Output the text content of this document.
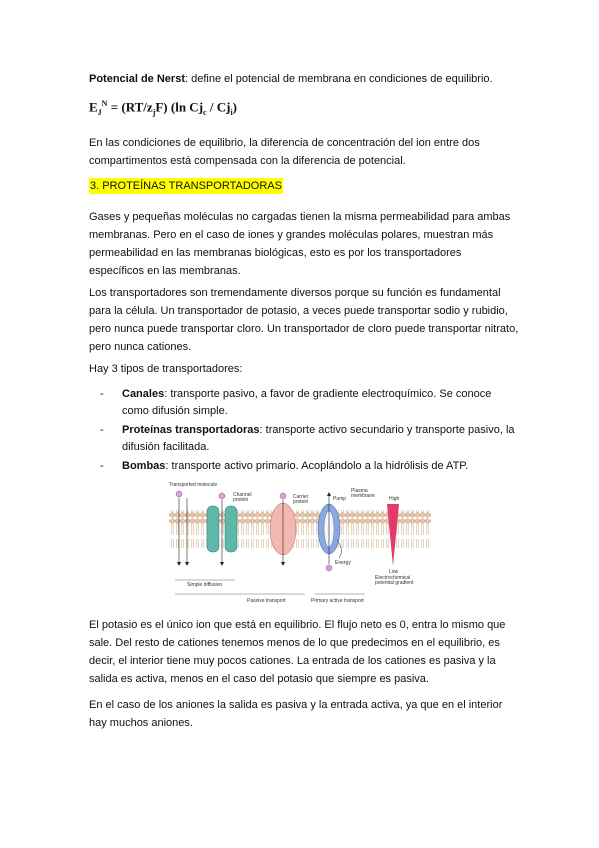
Potencial de Nerst: define el potencial de membrana en condiciones de equilibrio.

$E_J^N = (RT/z_jF)$ (ln $Cj_c / Cj_i$)

En las condiciones de equilibrio, la diferencia de concentración del ion entre dos compartimentos está compensada con la diferencia de potencial.

3. PROTEÍNAS TRANSPORTADORAS

Gases y pequeñas moléculas no cargadas tienen la misma permeabilidad para ambas membranas. Pero en el caso de iones y grandes moléculas polares, muestran más permeabilidad en las membranas biológicas, esto es por los transportadores específicos en las membranas.

Los transportadores son tremendamente diversos porque su función es fundamental para la célula. Un transportador de potasio, a veces puede transportar sodio y rubidio, pero nunca puede transportar cloro. Un transportador de cloro puede transportar nitrato, pero nunca cationes.

Hay 3 tipos de transportadores:

- Canales: transporte pasivo, a favor de gradiente electroquímico. Se conoce como difusión simple.
- Proteínas transportadoras: transporte activo secundario y transporte pasivo, la difusión facilitada.
- Bombas: transporte activo primario. Acoplándolo a la hidrólisis de ATP.
Transported molecule
Channel
protein	Carrier
protein	Pump
Plasma
membrane	High
Low
Energy
Electrochemical
potential gradient
Simple diffusion
Passive transport	Primary active transport

El potasio es el único ion que está en equilibrio. El flujo neto es 0, entra lo mismo que sale. Del resto de cationes tenemos menos de lo que predecimos en el equilibrio, es decir, el interior tiene muy pocos cationes. La entrada de los cationes es pasiva y la salida es activa, menos en el caso del potasio que siempre es pasiva.

En el caso de los aniones la salida es pasiva y la entrada activa, ya que en el interior hay muchos aniones.
